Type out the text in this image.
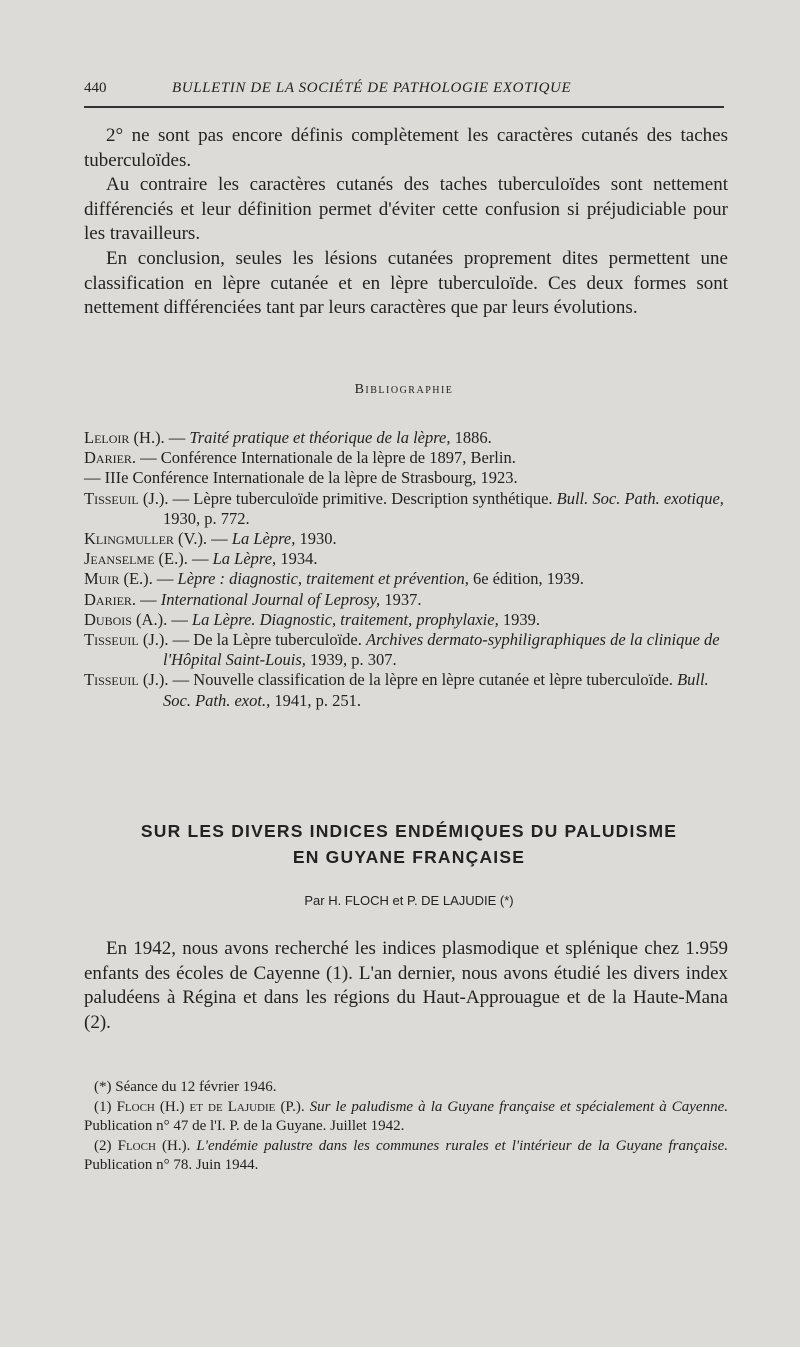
440	BULLETIN DE LA SOCIÉTÉ DE PATHOLOGIE EXOTIQUE

2° ne sont pas encore définis complètement les caractères cutanés des taches tuberculoïdes.

Au contraire les caractères cutanés des taches tuberculoïdes sont nettement différenciés et leur définition permet d'éviter cette confusion si préjudiciable pour les travailleurs.

En conclusion, seules les lésions cutanées proprement dites permettent une classification en lèpre cutanée et en lèpre tuberculoïde. Ces deux formes sont nettement différenciées tant par leurs caractères que par leurs évolutions.

Bibliographie

Leloir (H.). — Traité pratique et théorique de la lèpre, 1886.

Darier. — Conférence Internationale de la lèpre de 1897, Berlin.

— IIIe Conférence Internationale de la lèpre de Strasbourg, 1923.

Tisseuil (J.). — Lèpre tuberculoïde primitive. Description synthétique. Bull. Soc. Path. exotique, 1930, p. 772.

Klingmuller (V.). — La Lèpre, 1930.

Jeanselme (E.). — La Lèpre, 1934.

Muir (E.). — Lèpre : diagnostic, traitement et prévention, 6e édition, 1939.

Darier. — International Journal of Leprosy, 1937.

Dubois (A.). — La Lèpre. Diagnostic, traitement, prophylaxie, 1939.

Tisseuil (J.). — De la Lèpre tuberculoïde. Archives dermato-syphiligraphiques de la clinique de l'Hôpital Saint-Louis, 1939, p. 307.

Tisseuil (J.). — Nouvelle classification de la lèpre en lèpre cutanée et lèpre tuberculoïde. Bull. Soc. Path. exot., 1941, p. 251.

SUR LES DIVERS INDICES ENDÉMIQUES DU PALUDISME
EN GUYANE FRANÇAISE
Par H. FLOCH et P. DE LAJUDIE (*)

En 1942, nous avons recherché les indices plasmodique et splénique chez 1.959 enfants des écoles de Cayenne (1). L'an dernier, nous avons étudié les divers index paludéens à Régina et dans les régions du Haut-Approuague et de la Haute-Mana (2).

(*) Séance du 12 février 1946.

(1) Floch (H.) et de Lajudie (P.). Sur le paludisme à la Guyane française et spécialement à Cayenne. Publication n° 47 de l'I. P. de la Guyane. Juillet 1942.

(2) Floch (H.). L'endémie palustre dans les communes rurales et l'intérieur de la Guyane française. Publication n° 78. Juin 1944.
